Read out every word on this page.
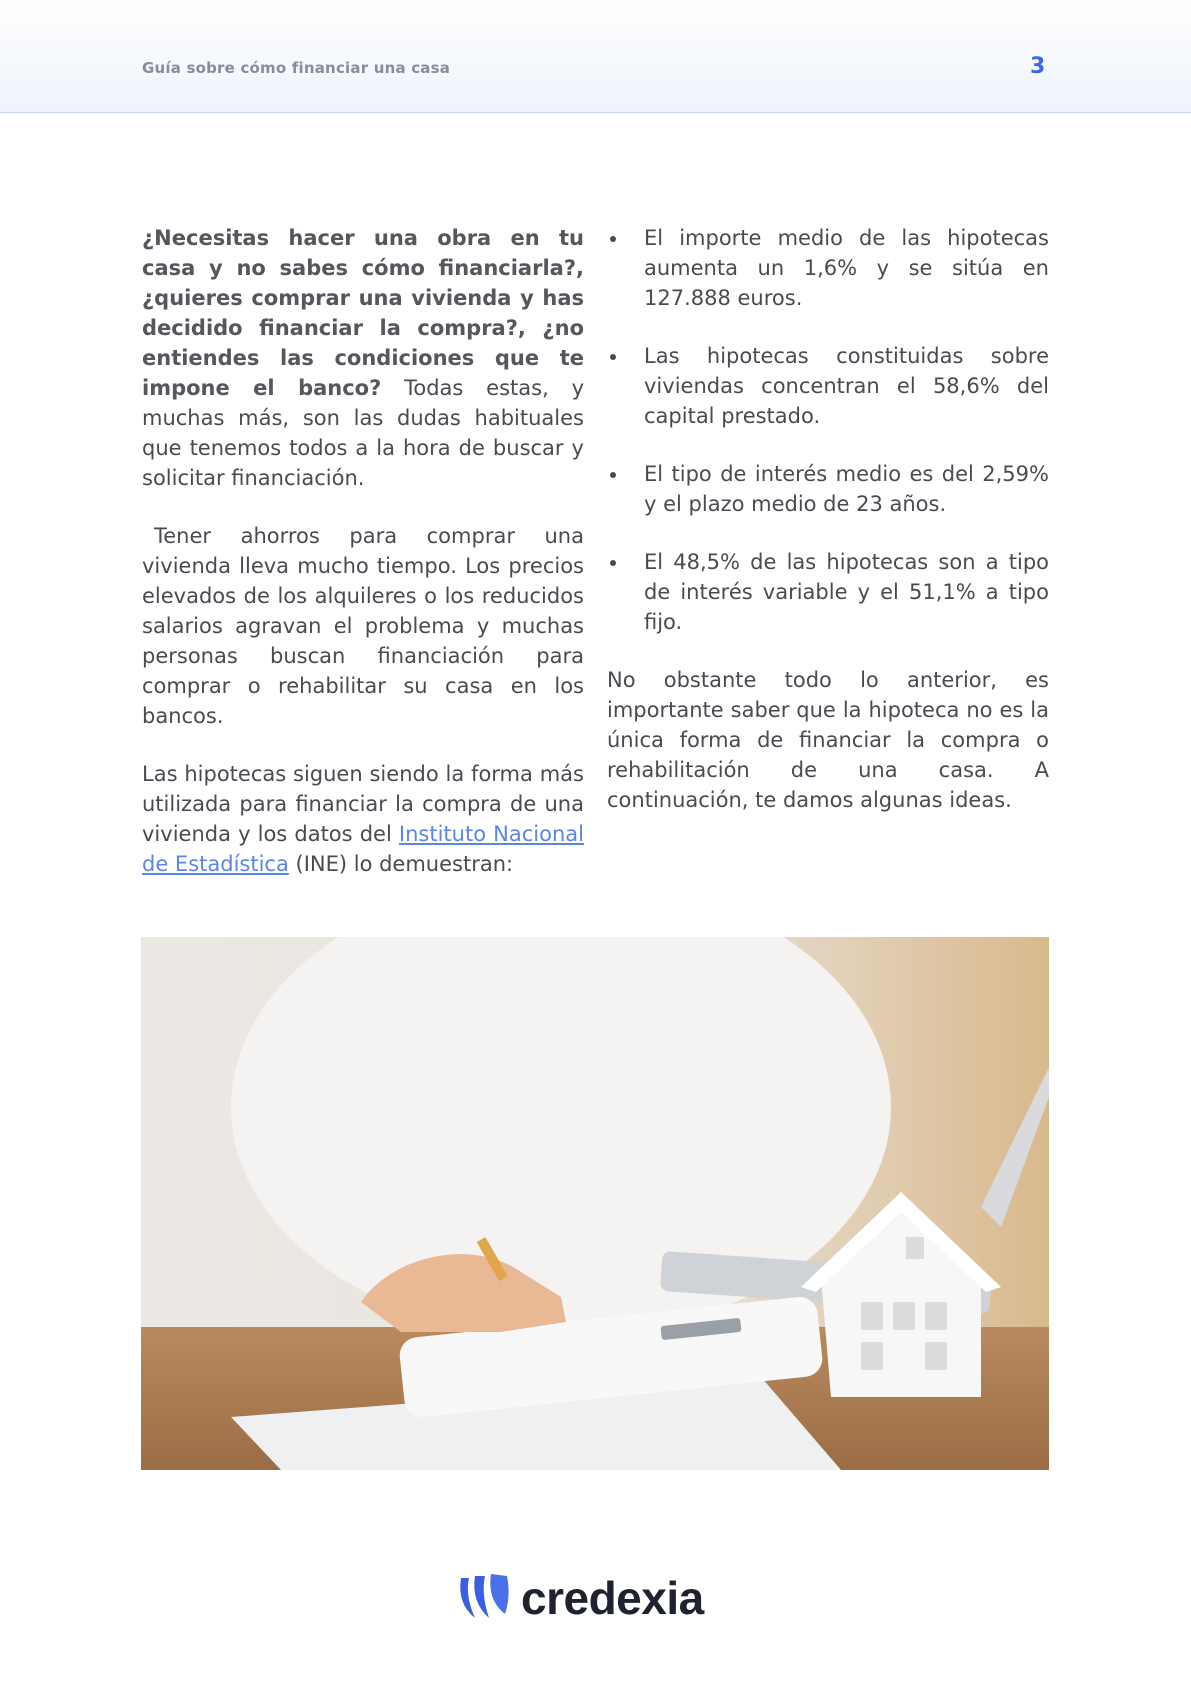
Guía sobre cómo financiar una casa	3

¿Necesitas hacer una obra en tu casa y no sabes cómo financiarla?, ¿quieres comprar una vivienda y has decidido financiar la compra?, ¿no entiendes las condiciones que te impone el banco? Todas estas, y muchas más, son las dudas habituales que tenemos todos a la hora de buscar y solicitar financiación.

Tener ahorros para comprar una vivienda lleva mucho tiempo. Los precios elevados de los alquileres o los reducidos salarios agravan el problema y muchas personas buscan financiación para comprar o rehabilitar su casa en los bancos.

Las hipotecas siguen siendo la forma más utilizada para financiar la compra de una vivienda y los datos del Instituto Nacional de Estadística (INE) lo demuestran:

El importe medio de las hipotecas aumenta un 1,6% y se sitúa en 127.888 euros.
Las hipotecas constituidas sobre viviendas concentran el 58,6% del capital prestado.
El tipo de interés medio es del 2,59% y el plazo medio de 23 años.
El 48,5% de las hipotecas son a tipo de interés variable y el 51,1% a tipo fijo.

No obstante todo lo anterior, es importante saber que la hipoteca no es la única forma de financiar la compra o rehabilitación de una casa. A continuación, te damos algunas ideas.

credexia
